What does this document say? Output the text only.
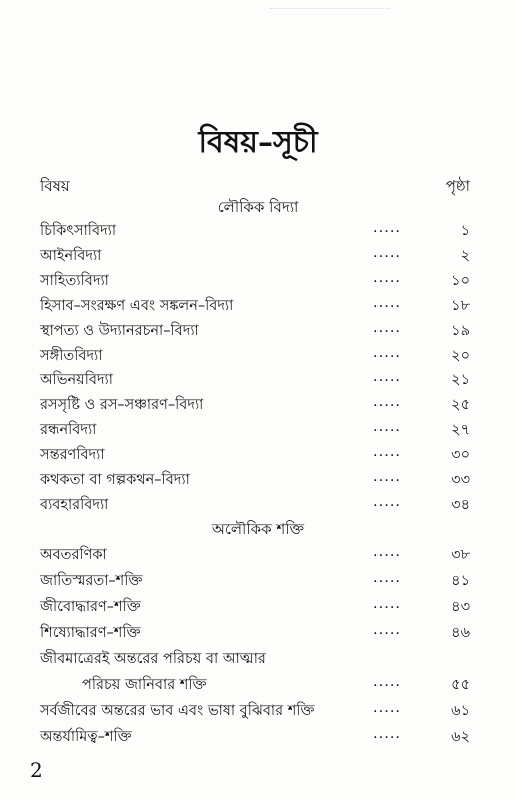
বিষয়–সূচী
বিষয়	পৃষ্ঠা
লৌকিক বিদ্যা
চিকিৎসাবিদ্যা	.....	১
আইনবিদ্যা	.....	২
সাহিত্যবিদ্যা	.....	১০
হিসাব–সংরক্ষণ এবং সঙ্কলন–বিদ্যা	.....	১৮
স্থাপত্য ও উদ্যানরচনা–বিদ্যা	.....	১৯
সঙ্গীতবিদ্যা	.....	২০
অভিনয়বিদ্যা	.....	২১
রসসৃষ্টি ও রস–সঞ্চারণ–বিদ্যা	.....	২৫
রন্ধনবিদ্যা	.....	২৭
সন্তরণবিদ্যা	.....	৩০
কথকতা বা গল্পকথন–বিদ্যা	.....	৩৩
ব্যবহারবিদ্যা	.....	৩৪
অলৌকিক শক্তি
অবতরণিকা	.....	৩৮
জাতিস্মরতা–শক্তি	.....	৪১
জীবোদ্ধারণ–শক্তি	.....	৪৩
শিষ্যোদ্ধারণ–শক্তি	.....	৪৬
জীবমাত্রেরই অন্তরের পরিচয় বা আত্মার
পরিচয় জানিবার শক্তি	.....	৫৫
সর্বজীবের অন্তরের ভাব এবং ভাষা বুঝিবার শক্তি	.....	৬১
অন্তর্যামিত্ব–শক্তি	.....	৬২
2
